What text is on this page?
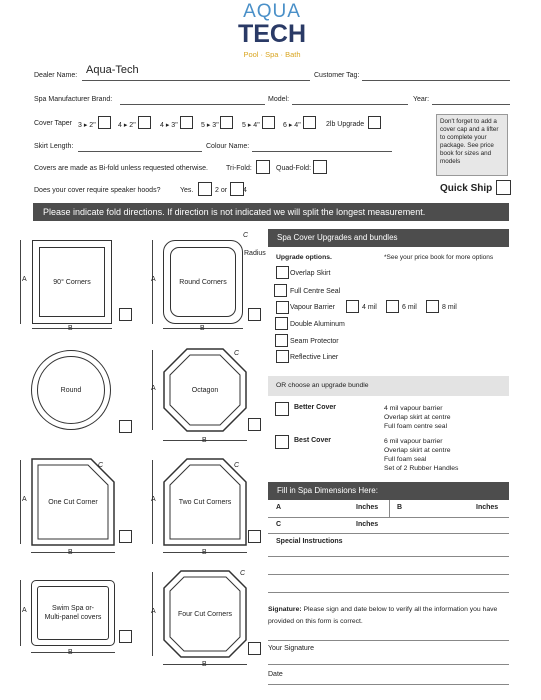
AQUA
TECH
Pool · Spa · Bath
Dealer Name: Aqua-Tech	Customer Tag:
Spa Manufacturer Brand:	Model:	Year:
Cover Taper 3 ▸ 2"	4 ▸ 2"	4 ▸ 3"	5 ▸ 3"	5 ▸ 4"	6 ▸ 4"	2lb Upgrade
Skirt Length:	Colour Name:
Covers are made as Bi-fold unless requested otherwise.	Tri-Fold:	Quad-Fold:
Does your cover require speaker hoods?	Yes.	2 or 4	Quick Ship
Don't forget to add a cover cap and a lifter to complete your package. See price book for sizes and models
Please indicate fold directions. If direction is not indicated we will split the longest measurement.
A	90° Corners
B
A	Round Corners
Radius
C
B
Round	A	Octagon
C
B
A	One Cut Corner
C
B
A	Two Cut Corners
C
B
A	Swim Spa or-
Multi-panel covers
B
A	Four Cut Corners
C
B
Spa Cover Upgrades and bundles
Upgrade options.	*See your price book for more options
Overlap Skirt
Full Centre Seal
Vapour Barrier	4 mil	6 mil	8 mil
Double Aluminum
Seam Protector
Reflective Liner
OR choose an upgrade bundle
Better Cover	4 mil vapour barrier
Overlap skirt at centre
Full foam centre seal
Best Cover	6 mil vapour barrier
Overlap skirt at centre
Full foam seal
Set of 2 Rubber Handles
Fill in Spa Dimensions Here:
A	Inches	B	Inches
C	Inches
Special Instructions
Signature: Please sign and date below to verify all the information you have provided on this form is correct.
Your Signature
Date
